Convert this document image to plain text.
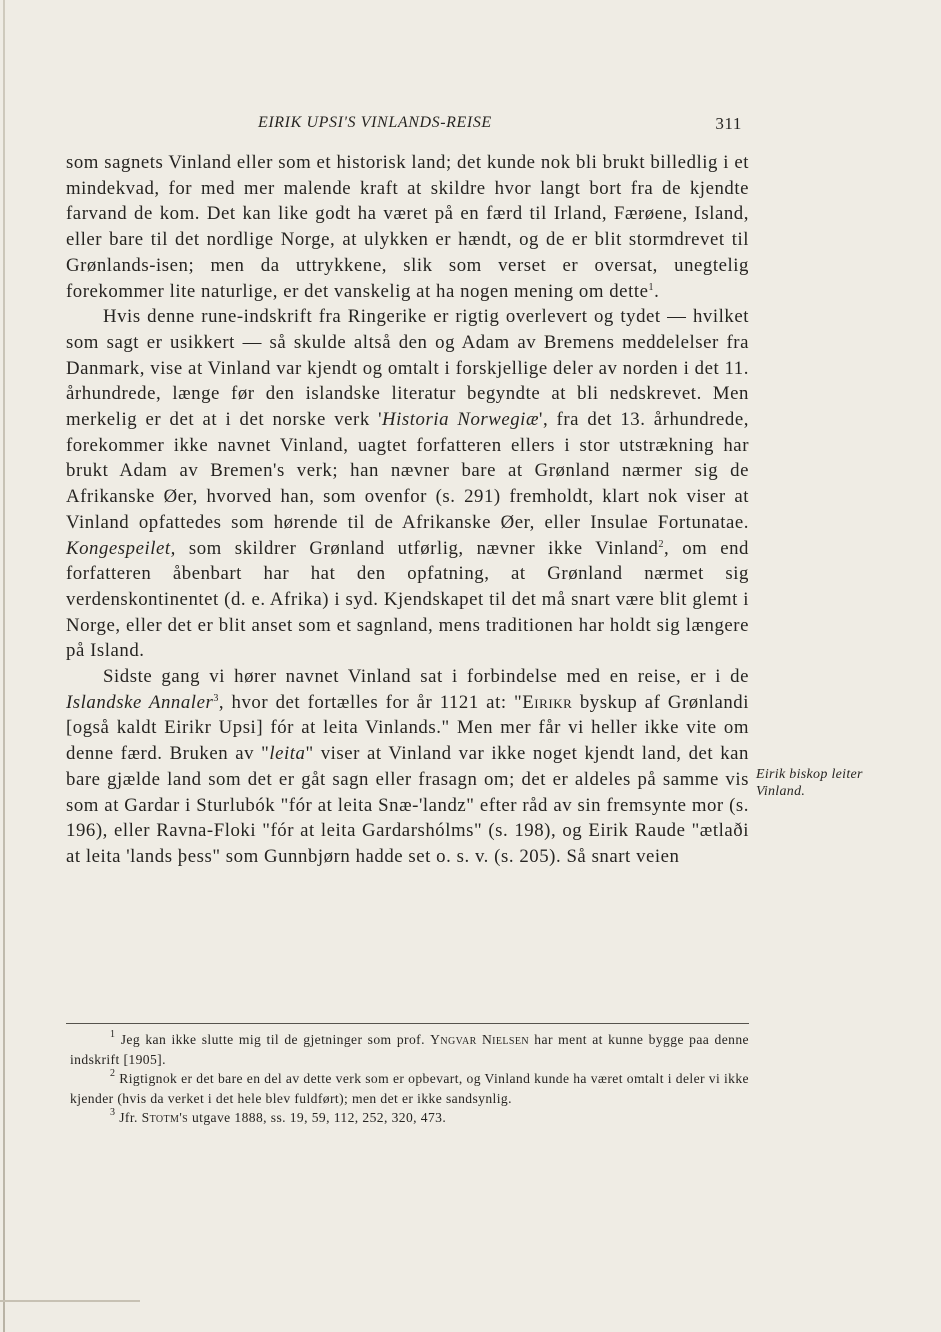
EIRIK UPSI'S VINLANDS-REISE	311

som sagnets Vinland eller som et historisk land; det kunde nok bli brukt billedlig i et mindekvad, for med mer malende kraft at skildre hvor langt bort fra de kjendte farvand de kom. Det kan like godt ha været på en færd til Irland, Færøene, Island, eller bare til det nordlige Norge, at ulykken er hændt, og de er blit stormdrevet til Grønlands-isen; men da uttrykkene, slik som verset er oversat, unegtelig forekommer lite naturlige, er det vanskelig at ha nogen mening om dette$^1$.

Hvis denne rune-indskrift fra Ringerike er rigtig overlevert og tydet — hvilket som sagt er usikkert — så skulde altså den og Adam av Bremens meddelelser fra Danmark, vise at Vinland var kjendt og omtalt i forskjellige deler av norden i det 11. århundrede, længe før den islandske literatur begyndte at bli nedskrevet. Men merkelig er det at i det norske verk 'Historia Norwegiæ', fra det 13. århundrede, forekommer ikke navnet Vinland, uagtet forfatteren ellers i stor utstrækning har brukt Adam av Bremen's verk; han nævner bare at Grønland nærmer sig de Afrikanske Øer, hvorved han, som ovenfor (s. 291) fremholdt, klart nok viser at Vinland opfattedes som hørende til de Afrikanske Øer, eller Insulae Fortunatae. Kongespeilet, som skildrer Grønland utførlig, nævner ikke Vinland$^2$, om end forfatteren åbenbart har hat den opfatning, at Grønland nærmet sig verdenskontinentet (d. e. Afrika) i syd. Kjendskapet til det må snart være blit glemt i Norge, eller det er blit anset som et sagnland, mens traditionen har holdt sig længere på Island.

Sidste gang vi hører navnet Vinland sat i forbindelse med en reise, er i de Islandske Annaler$^3$, hvor det fortælles for år 1121 at: "Eirikr byskup af Grønlandi [også kaldt Eirikr Upsi] fór at leita Vinlands." Men mer får vi heller ikke vite om denne færd. Bruken av "leita" viser at Vinland var ikke noget kjendt land, det kan bare gjælde land som det er gåt sagn eller frasagn om; det er aldeles på samme vis som at Gardar i Sturlubók "fór at leita Snæ-'landz" efter råd av sin fremsynte mor (s. 196), eller Ravna-Floki "fór at leita Gardarshólms" (s. 198), og Eirik Raude "ætlaði at leita 'lands þess" som Gunnbjørn hadde set o. s. v. (s. 205). Så snart veien

Eirik biskop leiter Vinland.

$^1$ Jeg kan ikke slutte mig til de gjetninger som prof. Yngvar Nielsen har ment at kunne bygge paa denne indskrift [1905].

$^2$ Rigtignok er det bare en del av dette verk som er opbevart, og Vinland kunde ha været omtalt i deler vi ikke kjender (hvis da verket i det hele blev fuldført); men det er ikke sandsynlig.

$^3$ Jfr. Stotm's utgave 1888, ss. 19, 59, 112, 252, 320, 473.
